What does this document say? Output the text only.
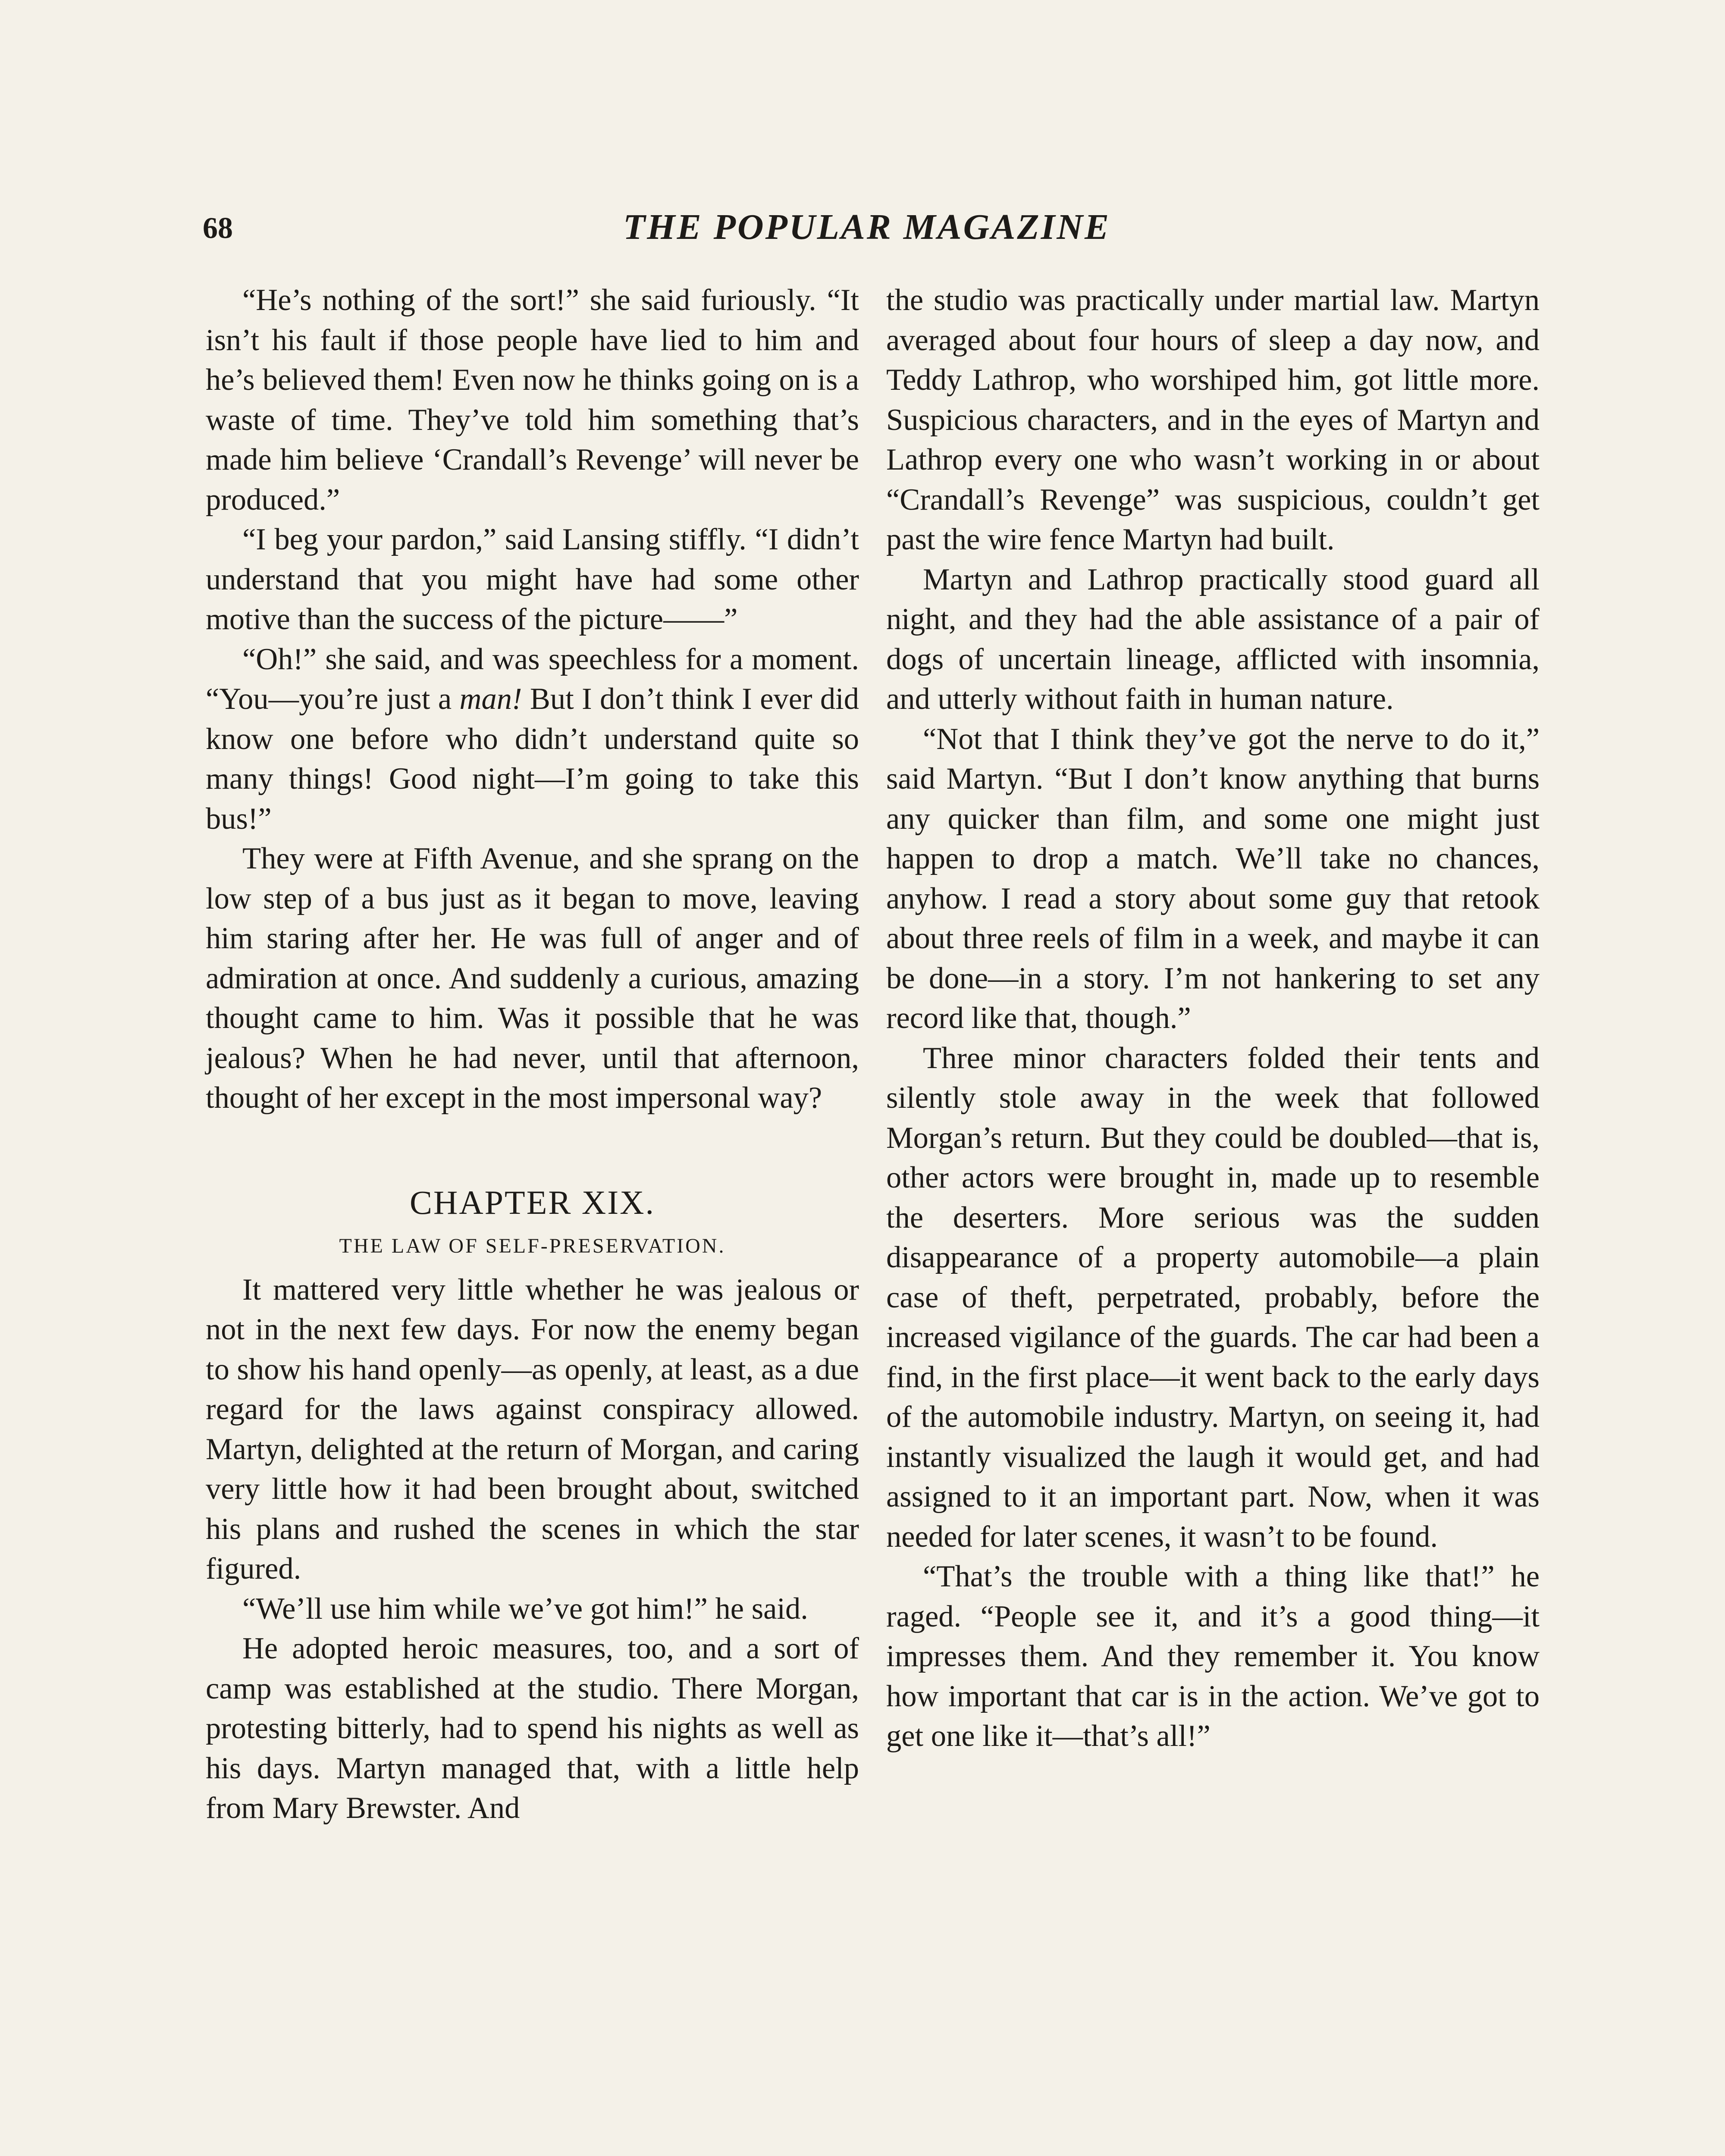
68	THE POPULAR MAGAZINE

“He’s nothing of the sort!” she said furiously. “It isn’t his fault if those people have lied to him and he’s believed them! Even now he thinks going on is a waste of time. They’ve told him something that’s made him believe ‘Crandall’s Revenge’ will never be produced.”

“I beg your pardon,” said Lansing stiffly. “I didn’t understand that you might have had some other motive than the success of the picture——”

“Oh!” she said, and was speechless for a moment. “You—you’re just a man! But I don’t think I ever did know one before who didn’t understand quite so many things! Good night—I’m going to take this bus!”

They were at Fifth Avenue, and she sprang on the low step of a bus just as it began to move, leaving him staring after her. He was full of anger and of admiration at once. And suddenly a curious, amazing thought came to him. Was it possible that he was jealous? When he had never, until that afternoon, thought of her except in the most impersonal way?

CHAPTER XIX.
THE LAW OF SELF-PRESERVATION.

It mattered very little whether he was jealous or not in the next few days. For now the enemy began to show his hand openly—as openly, at least, as a due regard for the laws against conspiracy allowed. Martyn, delighted at the return of Morgan, and caring very little how it had been brought about, switched his plans and rushed the scenes in which the star figured.

“We’ll use him while we’ve got him!” he said.

He adopted heroic measures, too, and a sort of camp was established at the studio. There Morgan, protesting bitterly, had to spend his nights as well as his days. Martyn managed that, with a little help from Mary Brewster. And

the studio was practically under martial law. Martyn averaged about four hours of sleep a day now, and Teddy Lathrop, who worshiped him, got little more. Suspicious characters, and in the eyes of Martyn and Lathrop every one who wasn’t working in or about “Crandall’s Revenge” was suspicious, couldn’t get past the wire fence Martyn had built.

Martyn and Lathrop practically stood guard all night, and they had the able assistance of a pair of dogs of uncertain lineage, afflicted with insomnia, and utterly without faith in human nature.

“Not that I think they’ve got the nerve to do it,” said Martyn. “But I don’t know anything that burns any quicker than film, and some one might just happen to drop a match. We’ll take no chances, anyhow. I read a story about some guy that retook about three reels of film in a week, and maybe it can be done—in a story. I’m not hankering to set any record like that, though.”

Three minor characters folded their tents and silently stole away in the week that followed Morgan’s return. But they could be doubled—that is, other actors were brought in, made up to resemble the deserters. More serious was the sudden disappearance of a property automobile—a plain case of theft, perpetrated, probably, before the increased vigilance of the guards. The car had been a find, in the first place—it went back to the early days of the automobile industry. Martyn, on seeing it, had instantly visualized the laugh it would get, and had assigned to it an important part. Now, when it was needed for later scenes, it wasn’t to be found.

“That’s the trouble with a thing like that!” he raged. “People see it, and it’s a good thing—it impresses them. And they remember it. You know how important that car is in the action. We’ve got to get one like it—that’s all!”
